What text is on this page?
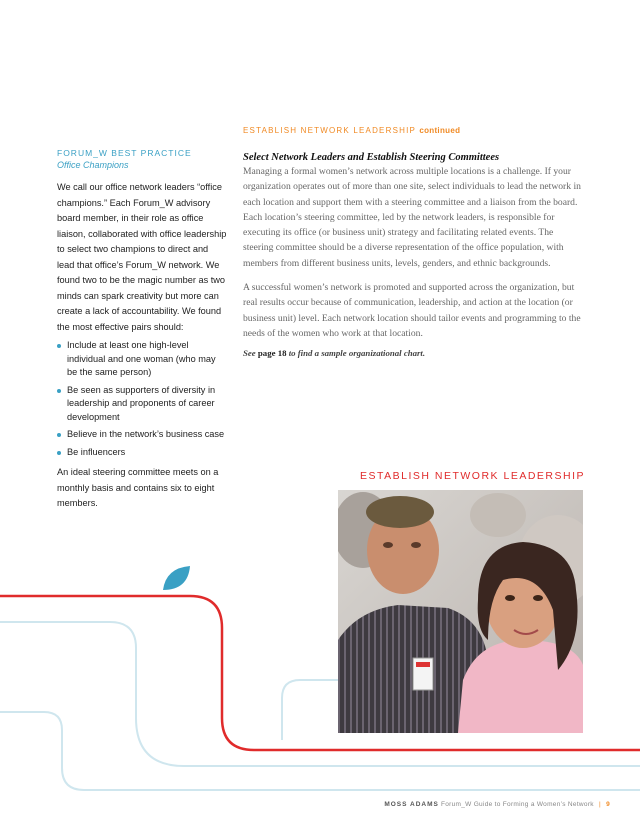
FORUM_W BEST PRACTICE
Office Champions

We call our office network leaders “office champions.” Each Forum_W advisory board member, in their role as office liaison, collaborated with office leadership to select two champions to direct and lead that office’s Forum_W network. We found two to be the magic number as two minds can spark creativity but more can create a lack of accountability. We found the most effective pairs should:

Include at least one high-level individual and one woman (who may be the same person)
Be seen as supporters of diversity in leadership and proponents of career development
Believe in the network’s business case
Be influencers

An ideal steering committee meets on a monthly basis and contains six to eight members.

ESTABLISH NETWORK LEADERSHIP continued
Select Network Leaders and Establish Steering Committees

Managing a formal women’s network across multiple locations is a challenge. If your organization operates out of more than one site, select individuals to lead the network in each location and support them with a steering committee and a liaison from the board. Each location’s steering committee, led by the network leaders, is responsible for executing its office (or business unit) strategy and facilitating related events. The steering committee should be a diverse representation of the office population, with members from different business units, levels, genders, and ethnic backgrounds.

A successful women’s network is promoted and supported across the organization, but real results occur because of communication, leadership, and action at the location (or business unit) level. Each network location should tailor events and programming to the needs of the women who work at that location.

See page 18 to find a sample organizational chart.
ESTABLISH NETWORK LEADERSHIP
MOSS ADAMS Forum_W Guide to Forming a Women’s Network | 9
